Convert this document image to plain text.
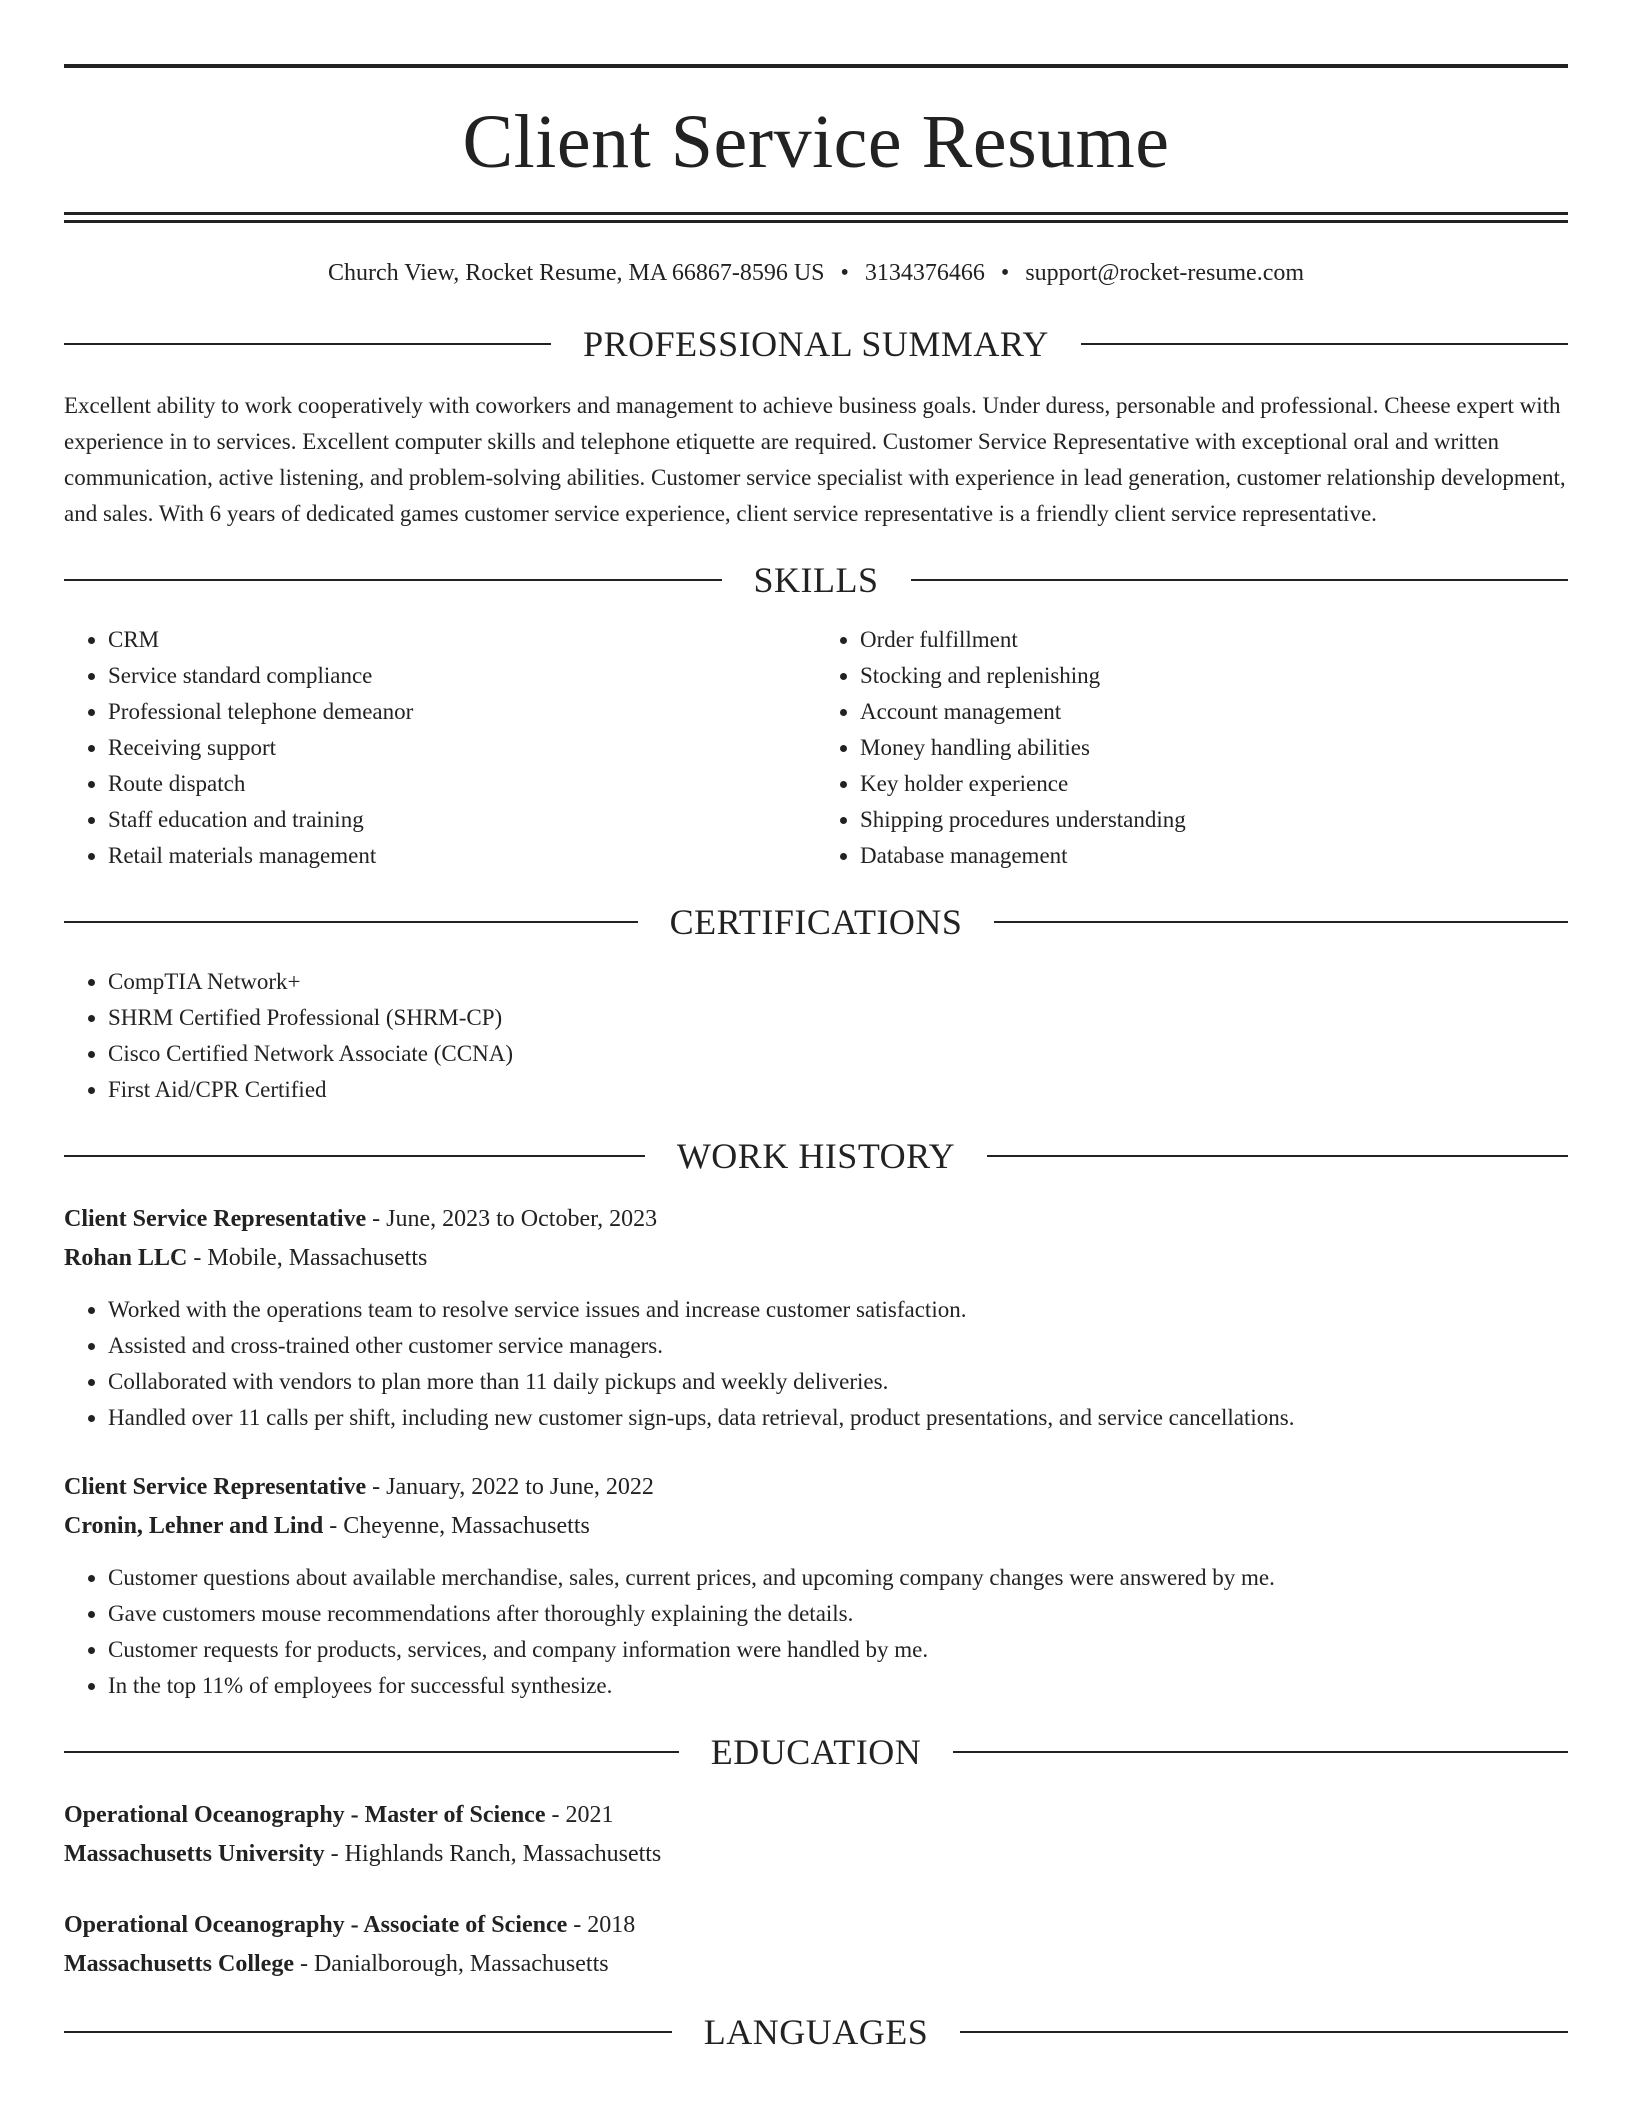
Client Service Resume
Church View, Rocket Resume, MA 66867-8596 US • 3134376466 • support@rocket-resume.com
PROFESSIONAL SUMMARY

Excellent ability to work cooperatively with coworkers and management to achieve business goals. Under duress, personable and professional. Cheese expert with experience in to services. Excellent computer skills and telephone etiquette are required. Customer Service Representative with exceptional oral and written communication, active listening, and problem-solving abilities. Customer service specialist with experience in lead generation, customer relationship development, and sales. With 6 years of dedicated games customer service experience, client service representative is a friendly client service representative.

SKILLS
• CRM
• Service standard compliance
• Professional telephone demeanor
• Receiving support
• Route dispatch
• Staff education and training
• Retail materials management
• Order fulfillment
• Stocking and replenishing
• Account management
• Money handling abilities
• Key holder experience
• Shipping procedures understanding
• Database management
CERTIFICATIONS
• CompTIA Network+
• SHRM Certified Professional (SHRM-CP)
• Cisco Certified Network Associate (CCNA)
• First Aid/CPR Certified
WORK HISTORY
Client Service Representative - June, 2023 to October, 2023
Rohan LLC - Mobile, Massachusetts
• Worked with the operations team to resolve service issues and increase customer satisfaction.
• Assisted and cross-trained other customer service managers.
• Collaborated with vendors to plan more than 11 daily pickups and weekly deliveries.
• Handled over 11 calls per shift, including new customer sign-ups, data retrieval, product presentations, and service cancellations.
Client Service Representative - January, 2022 to June, 2022
Cronin, Lehner and Lind - Cheyenne, Massachusetts
• Customer questions about available merchandise, sales, current prices, and upcoming company changes were answered by me.
• Gave customers mouse recommendations after thoroughly explaining the details.
• Customer requests for products, services, and company information were handled by me.
• In the top 11% of employees for successful synthesize.
EDUCATION
Operational Oceanography - Master of Science - 2021
Massachusetts University - Highlands Ranch, Massachusetts
Operational Oceanography - Associate of Science - 2018
Massachusetts College - Danialborough, Massachusetts
LANGUAGES
